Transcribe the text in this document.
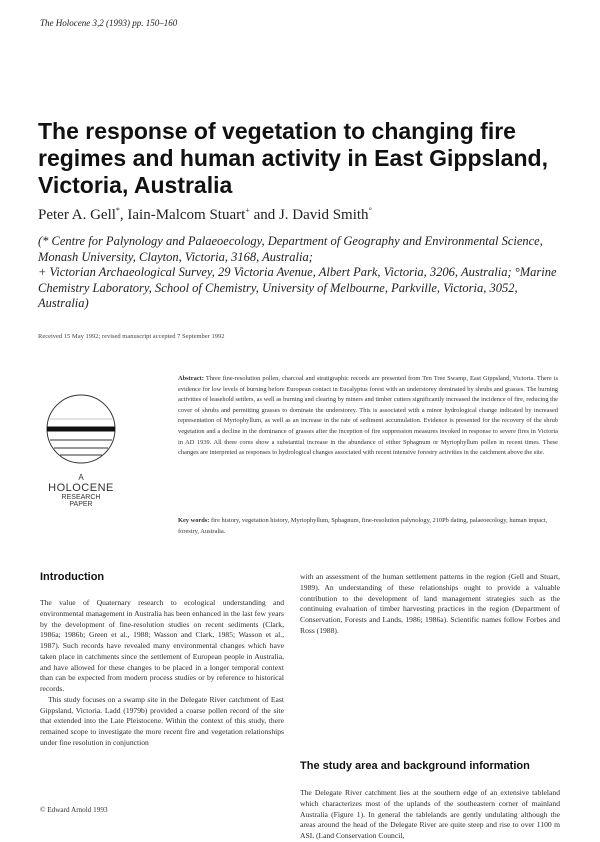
The Holocene 3,2 (1993) pp. 150–160
The response of vegetation to changing fire regimes and human activity in East Gippsland, Victoria, Australia
Peter A. Gell*, Iain-Malcom Stuart+ and J. David Smith°
(* Centre for Palynology and Palaeoecology, Department of Geography and Environmental Science, Monash University, Clayton, Victoria, 3168, Australia;
+ Victorian Archaeological Survey, 29 Victoria Avenue, Albert Park, Victoria, 3206, Australia; °Marine Chemistry Laboratory, School of Chemistry, University of Melbourne, Parkville, Victoria, 3052, Australia)
Received 15 May 1992; revised manuscript accepted 7 September 1992
A
HOLOCENE
RESEARCH
PAPER
Abstract: Three fine-resolution pollen, charcoal and stratigraphic records are presented from Ten Tree Swamp, East Gippsland, Victoria. There is evidence for low levels of burning before European contact in Eucalyptus forest with an understorey dominated by shrubs and grasses. The burning activities of leasehold settlers, as well as burning and clearing by miners and timber cutters significantly increased the incidence of fire, reducing the cover of shrubs and permitting grasses to dominate the understorey. This is associated with a minor hydrological change indicated by increased representation of Myriophyllum, as well as an increase in the rate of sediment accumulation. Evidence is presented for the recovery of the shrub vegetation and a decline in the dominance of grasses after the inception of fire suppression measures invoked in response to severe fires in Victoria in AD 1939. All three cores show a substantial increase in the abundance of either Sphagnum or Myriophyllum pollen in recent times. These changes are interpreted as responses to hydrological changes associated with recent intensive forestry activities in the catchment above the site.
Key words: fire history, vegetation history, Myriophyllum, Sphagnum, fine-resolution palynology, 210Pb dating, palaeoecology, human impact, forestry, Australia.
Introduction

The value of Quaternary research to ecological understanding and environmental management in Australia has been enhanced in the last few years by the development of fine-resolution studies on recent sediments (Clark, 1986a; 1986b; Green et al., 1988; Wasson and Clark, 1985; Wasson et al., 1987). Such records have revealed many environmental changes which have taken place in catchments since the settlement of European people in Australia, and have allowed for these changes to be placed in a longer temporal context than can be expected from modern process studies or by reference to historical records.

This study focuses on a swamp site in the Delegate River catchment of East Gippsland, Victoria. Ladd (1979b) provided a coarse pollen record of the site that extended into the Late Pleistocene. Within the context of this study, there remained scope to investigate the more recent fire and vegetation relationships under fine resolution in conjunction

with an assessment of the human settlement patterns in the region (Gell and Stuart, 1989). An understanding of these relationships ought to provide a valuable contribution to the development of land management strategies such as the continuing evaluation of timber harvesting practices in the region (Department of Conservation, Forests and Lands, 1986; 1986a). Scientific names follow Forbes and Ross (1988).

The study area and background information

The Delegate River catchment lies at the southern edge of an extensive tableland which characterizes most of the uplands of the southeastern corner of mainland Australia (Figure 1). In general the tablelands are gently undulating although the areas around the head of the Delegate River are quite steep and rise to over 1100 m ASL (Land Conservation Council,

© Edward Arnold 1993
